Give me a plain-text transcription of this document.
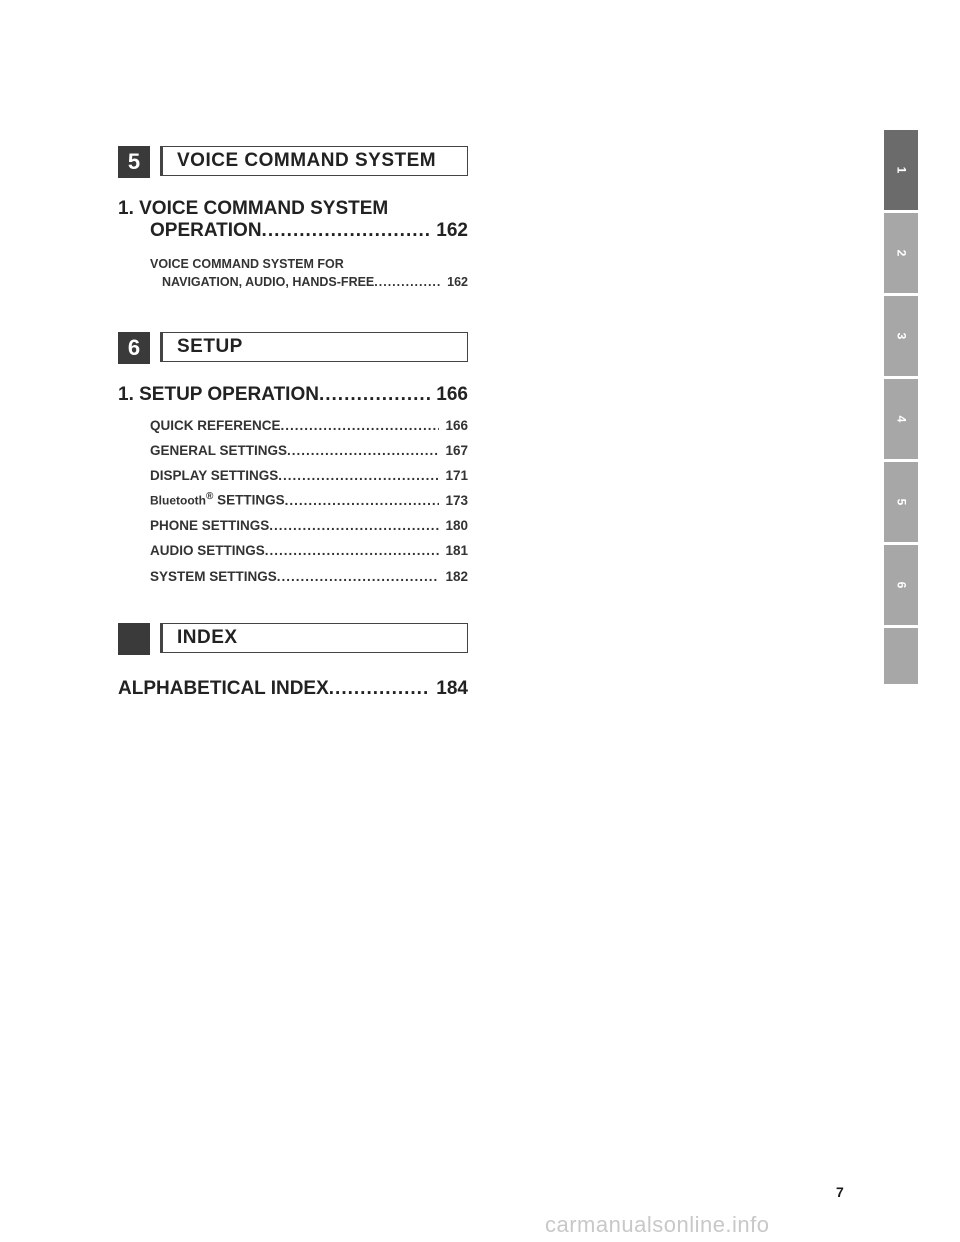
5	VOICE COMMAND SYSTEM
1. VOICE COMMAND SYSTEM
OPERATION .....	162
VOICE COMMAND SYSTEM FOR
NAVIGATION, AUDIO, HANDS-FREE .....	162
6	SETUP
1. SETUP OPERATION .....	166
QUICK REFERENCE .....	166
GENERAL SETTINGS .....	167
DISPLAY SETTINGS .....	171
Bluetooth® SETTINGS .....	173
PHONE SETTINGS .....	180
AUDIO SETTINGS .....	181
SYSTEM SETTINGS .....	182
INDEX
ALPHABETICAL INDEX .....	184
1
2
3
4
5
6
7
carmanualsonline.info
